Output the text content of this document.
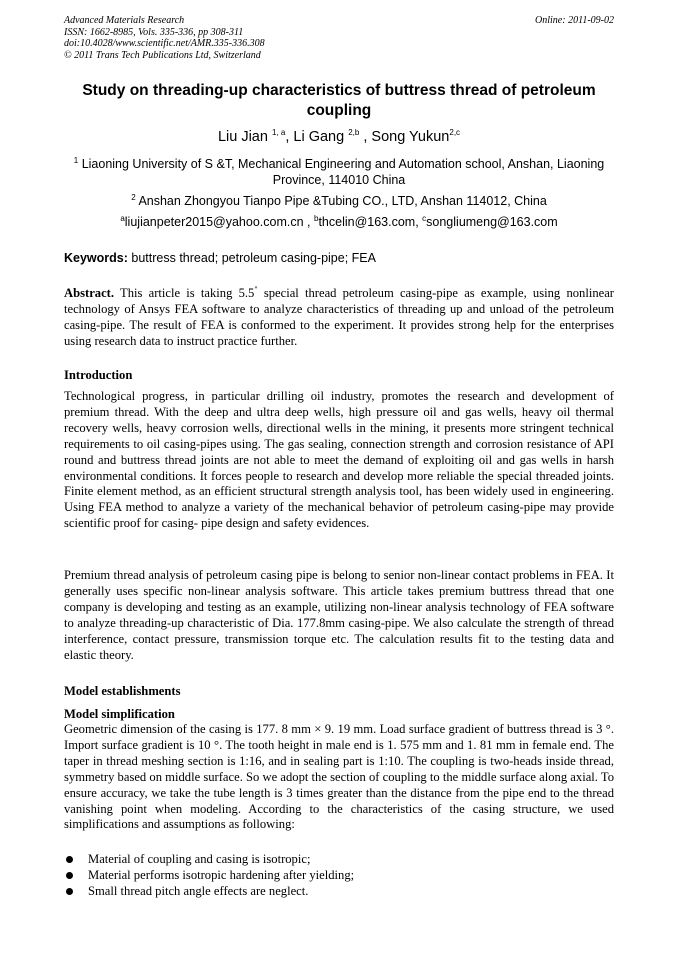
Advanced Materials Research
ISSN: 1662-8985, Vols. 335-336, pp 308-311
doi:10.4028/www.scientific.net/AMR.335-336.308
© 2011 Trans Tech Publications Ltd, Switzerland
Online: 2011-09-02
Study on threading-up characteristics of buttress thread of petroleum coupling
Liu Jian $^{1, a}$, Li Gang $^{2,b}$ , Song Yukun$^{2,c}$
$^1$ Liaoning University of S &T, Mechanical Engineering and Automation school, Anshan, Liaoning Province, 114010 China
$^2$ Anshan Zhongyou Tianpo Pipe &Tubing CO., LTD, Anshan 114012, China
$^a$liujianpeter2015@yahoo.com.cn , $^b$thcelin@163.com, $^c$songliumeng@163.com
Keywords: buttress thread; petroleum casing-pipe; FEA
Abstract. This article is taking 5.5" special thread petroleum casing-pipe as example, using nonlinear technology of Ansys FEA software to analyze characteristics of threading up and unload of the petroleum casing-pipe. The result of FEA is conformed to the experiment. It provides strong help for the enterprises using research data to instruct practice further.
Introduction
Technological progress, in particular drilling oil industry, promotes the research and development of premium thread. With the deep and ultra deep wells, high pressure oil and gas wells, heavy oil thermal recovery wells, heavy corrosion wells, directional wells in the mining, it presents more stringent technical requirements to oil casing-pipes using. The gas sealing, connection strength and corrosion resistance of API round and buttress thread joints are not able to meet the demand of exploiting oil and gas wells in harsh environmental conditions. It forces people to research and develop more reliable the special threaded joints. Finite element method, as an efficient structural strength analysis tool, has been widely used in engineering. Using FEA method to analyze a variety of the mechanical behavior of petroleum casing-pipe may provide scientific proof for casing- pipe design and safety evidences.
Premium thread analysis of petroleum casing pipe is belong to senior non-linear contact problems in FEA. It generally uses specific non-linear analysis software. This article takes premium buttress thread that one company is developing and testing as an example, utilizing non-linear analysis technology of FEA software to analyze threading-up characteristic of Dia. 177.8mm casing-pipe. We also calculate the strength of thread interference, contact pressure, transmission torque etc. The calculation results fit to the testing data and elastic theory.
Model establishments
Model simplification
Geometric dimension of the casing is 177. 8 mm × 9. 19 mm. Load surface gradient of buttress thread is 3 °. Import surface gradient is 10 °. The tooth height in male end is 1. 575 mm and 1. 81 mm in female end. The taper in thread meshing section is 1:16, and in sealing part is 1:10. The coupling is two-heads inside thread, symmetry based on middle surface. So we adopt the section of coupling to the middle surface along axial. To ensure accuracy, we take the tube length is 3 times greater than the distance from the pipe end to the thread vanishing point when modeling. According to the characteristics of the casing structure, we used simplifications and assumptions as following:
Material of coupling and casing is isotropic;
Material performs isotropic hardening after yielding;
Small thread pitch angle effects are neglect.
